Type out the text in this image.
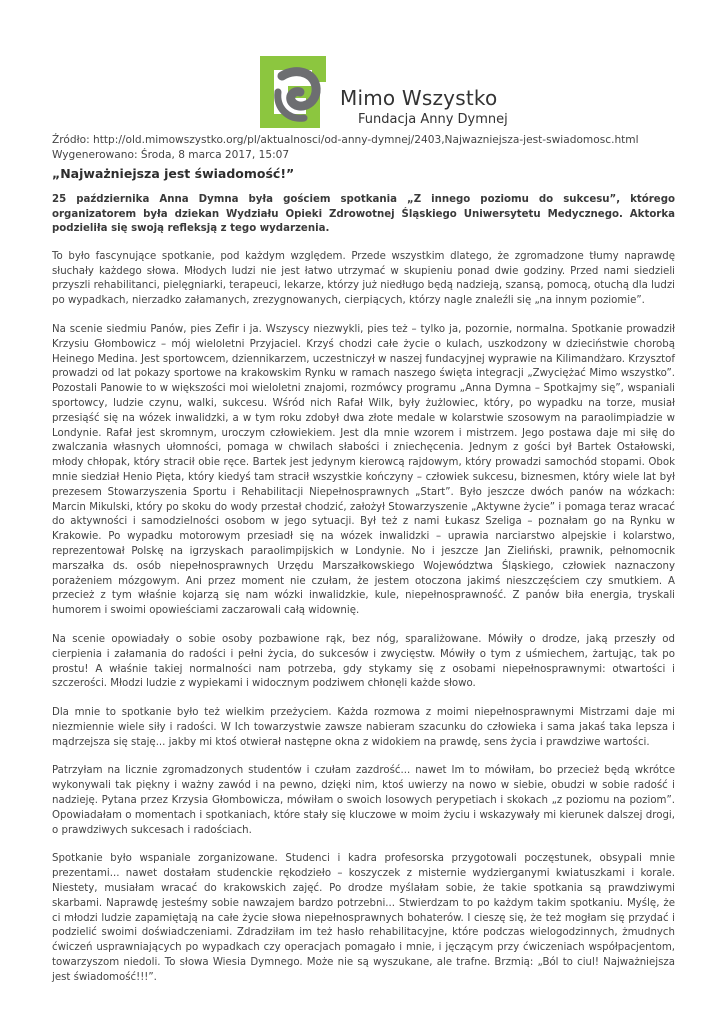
Mimo Wszystko
Fundacja Anny Dymnej
Źródło: http://old.mimowszystko.org/pl/aktualnosci/od-anny-dymnej/2403,Najwazniejsza-jest-swiadomosc.html
Wygenerowano: Środa, 8 marca 2017, 15:07
„Najważniejsza jest świadomość!”

25 października Anna Dymna była gościem spotkania „Z innego poziomu do sukcesu”, którego organizatorem była dziekan Wydziału Opieki Zdrowotnej Śląskiego Uniwersytetu Medycznego. Aktorka podzieliła się swoją refleksją z tego wydarzenia.

To było fascynujące spotkanie, pod każdym względem. Przede wszystkim dlatego, że zgromadzone tłumy naprawdę słuchały każdego słowa. Młodych ludzi nie jest łatwo utrzymać w skupieniu ponad dwie godziny. Przed nami siedzieli przyszli rehabilitanci, pielęgniarki, terapeuci, lekarze, którzy już niedługo będą nadzieją, szansą, pomocą, otuchą dla ludzi po wypadkach, nierzadko załamanych, zrezygnowanych, cierpiących, którzy nagle znaleźli się „na innym poziomie”.

Na scenie siedmiu Panów, pies Zefir i ja. Wszyscy niezwykli, pies też – tylko ja, pozornie, normalna. Spotkanie prowadził Krzysiu Głombowicz – mój wieloletni Przyjaciel. Krzyś chodzi całe życie o kulach, uszkodzony w dzieciństwie chorobą Heinego Medina. Jest sportowcem, dziennikarzem, uczestniczył w naszej fundacyjnej wyprawie na Kilimandżaro. Krzysztof prowadzi od lat pokazy sportowe na krakowskim Rynku w ramach naszego święta integracji „Zwyciężać Mimo wszystko”. Pozostali Panowie to w większości moi wieloletni znajomi, rozmówcy programu „Anna Dymna – Spotkajmy się”, wspaniali sportowcy, ludzie czynu, walki, sukcesu. Wśród nich Rafał Wilk, były żużlowiec, który, po wypadku na torze, musiał przesiąść się na wózek inwalidzki, a w tym roku zdobył dwa złote medale w kolarstwie szosowym na paraolimpiadzie w Londynie. Rafał jest skromnym, uroczym człowiekiem. Jest dla mnie wzorem i mistrzem. Jego postawa daje mi siłę do zwalczania własnych ułomności, pomaga w chwilach słabości i zniechęcenia. Jednym z gości był Bartek Ostałowski, młody chłopak, który stracił obie ręce. Bartek jest jedynym kierowcą rajdowym, który prowadzi samochód stopami. Obok mnie siedział Henio Pięta, który kiedyś tam stracił wszystkie kończyny – człowiek sukcesu, biznesmen, który wiele lat był prezesem Stowarzyszenia Sportu i Rehabilitacji Niepełnosprawnych „Start”. Było jeszcze dwóch panów na wózkach: Marcin Mikulski, który po skoku do wody przestał chodzić, założył Stowarzyszenie „Aktywne życie” i pomaga teraz wracać do aktywności i samodzielności osobom w jego sytuacji. Był też z nami Łukasz Szeliga – poznałam go na Rynku w Krakowie. Po wypadku motorowym przesiadł się na wózek inwalidzki – uprawia narciarstwo alpejskie i kolarstwo, reprezentował Polskę na igrzyskach paraolimpijskich w Londynie. No i jeszcze Jan Zieliński, prawnik, pełnomocnik marszałka ds. osób niepełnosprawnych Urzędu Marszałkowskiego Województwa Śląskiego, człowiek naznaczony porażeniem mózgowym. Ani przez moment nie czułam, że jestem otoczona jakimś nieszczęściem czy smutkiem. A przecież z tym właśnie kojarzą się nam wózki inwalidzkie, kule, niepełnosprawność. Z panów biła energia, tryskali humorem i swoimi opowieściami zaczarowali całą widownię.

Na scenie opowiadały o sobie osoby pozbawione rąk, bez nóg, sparaliżowane. Mówiły o drodze, jaką przeszły od cierpienia i załamania do radości i pełni życia, do sukcesów i zwycięstw. Mówiły o tym z uśmiechem, żartując, tak po prostu! A właśnie takiej normalności nam potrzeba, gdy stykamy się z osobami niepełnosprawnymi: otwartości i szczerości. Młodzi ludzie z wypiekami i widocznym podziwem chłonęli każde słowo.

Dla mnie to spotkanie było też wielkim przeżyciem. Każda rozmowa z moimi niepełnosprawnymi Mistrzami daje mi niezmiennie wiele siły i radości. W Ich towarzystwie zawsze nabieram szacunku do człowieka i sama jakaś taka lepsza i mądrzejsza się staję... jakby mi ktoś otwierał następne okna z widokiem na prawdę, sens życia i prawdziwe wartości.

Patrzyłam na licznie zgromadzonych studentów i czułam zazdrość... nawet Im to mówiłam, bo przecież będą wkrótce wykonywali tak piękny i ważny zawód i na pewno, dzięki nim, ktoś uwierzy na nowo w siebie, obudzi w sobie radość i nadzieję. Pytana przez Krzysia Głombowicza, mówiłam o swoich losowych perypetiach i skokach „z poziomu na poziom”. Opowiadałam o momentach i spotkaniach, które stały się kluczowe w moim życiu i wskazywały mi kierunek dalszej drogi, o prawdziwych sukcesach i radościach.

Spotkanie było wspaniale zorganizowane. Studenci i kadra profesorska przygotowali poczęstunek, obsypali mnie prezentami... nawet dostałam studenckie rękodzieło – koszyczek z misternie wydzierganymi kwiatuszkami i korale. Niestety, musiałam wracać do krakowskich zajęć. Po drodze myślałam sobie, że takie spotkania są prawdziwymi skarbami. Naprawdę jesteśmy sobie nawzajem bardzo potrzebni... Stwierdzam to po każdym takim spotkaniu. Myślę, że ci młodzi ludzie zapamiętają na całe życie słowa niepełnosprawnych bohaterów. I cieszę się, że też mogłam się przydać i podzielić swoimi doświadczeniami. Zdradziłam im też hasło rehabilitacyjne, które podczas wielogodzinnych, żmudnych ćwiczeń usprawniających po wypadkach czy operacjach pomagało i mnie, i jęczącym przy ćwiczeniach współpacjentom, towarzyszom niedoli. To słowa Wiesia Dymnego. Może nie są wyszukane, ale trafne. Brzmią: „Ból to ciul! Najważniejsza jest świadomość!!!”.
